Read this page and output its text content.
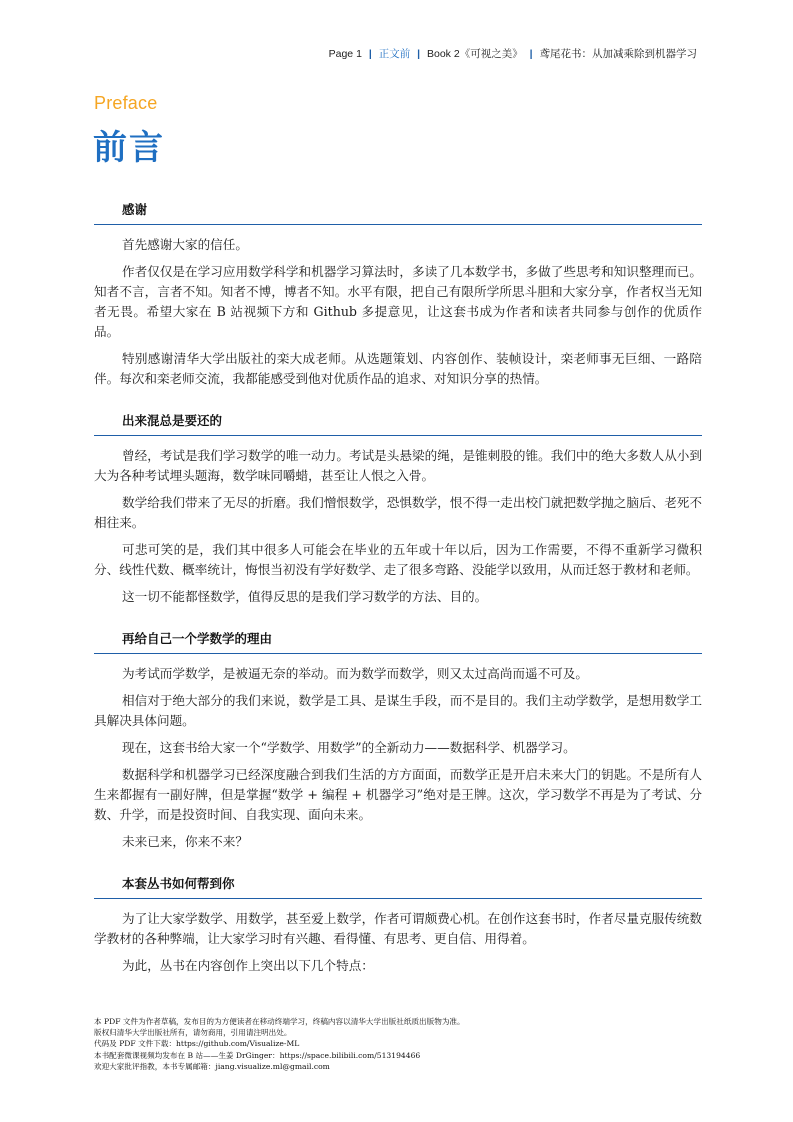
Page 1 | 正文前 | Book 2《可视之美》 | 鸢尾花书：从加减乘除到机器学习
Preface
前言
感谢

首先感谢大家的信任。

作者仅仅是在学习应用数学科学和机器学习算法时，多读了几本数学书，多做了些思考和知识整理而已。知者不言，言者不知。知者不博，博者不知。水平有限，把自己有限所学所思斗胆和大家分享，作者权当无知者无畏。希望大家在 B 站视频下方和 Github 多提意见，让这套书成为作者和读者共同参与创作的优质作品。

特别感谢清华大学出版社的栾大成老师。从选题策划、内容创作、装帧设计，栾老师事无巨细、一路陪伴。每次和栾老师交流，我都能感受到他对优质作品的追求、对知识分享的热情。

出来混总是要还的

曾经，考试是我们学习数学的唯一动力。考试是头悬梁的绳，是锥刺股的锥。我们中的绝大多数人从小到大为各种考试埋头题海，数学味同嚼蜡，甚至让人恨之入骨。

数学给我们带来了无尽的折磨。我们憎恨数学，恐惧数学，恨不得一走出校门就把数学抛之脑后、老死不相往来。

可悲可笑的是，我们其中很多人可能会在毕业的五年或十年以后，因为工作需要，不得不重新学习微积分、线性代数、概率统计，悔恨当初没有学好数学、走了很多弯路、没能学以致用，从而迁怒于教材和老师。

这一切不能都怪数学，值得反思的是我们学习数学的方法、目的。

再给自己一个学数学的理由

为考试而学数学，是被逼无奈的举动。而为数学而数学，则又太过高尚而遥不可及。

相信对于绝大部分的我们来说，数学是工具、是谋生手段，而不是目的。我们主动学数学，是想用数学工具解决具体问题。

现在，这套书给大家一个“学数学、用数学”的全新动力——数据科学、机器学习。

数据科学和机器学习已经深度融合到我们生活的方方面面，而数学正是开启未来大门的钥匙。不是所有人生来都握有一副好牌，但是掌握“数学 + 编程 + 机器学习”绝对是王牌。这次，学习数学不再是为了考试、分数、升学，而是投资时间、自我实现、面向未来。

未来已来，你来不来？

本套丛书如何帮到你

为了让大家学数学、用数学，甚至爱上数学，作者可谓颇费心机。在创作这套书时，作者尽量克服传统数学教材的各种弊端，让大家学习时有兴趣、看得懂、有思考、更自信、用得着。

为此，丛书在内容创作上突出以下几个特点：

本 PDF 文件为作者草稿，发布目的为方便读者在移动终端学习，终稿内容以清华大学出版社纸质出版物为准。
版权归清华大学出版社所有，请勿商用，引用请注明出处。
代码及 PDF 文件下载：https://github.com/Visualize-ML
本书配套微课视频均发布在 B 站——生姜 DrGinger：https://space.bilibili.com/513194466
欢迎大家批评指教，本书专属邮箱：jiang.visualize.ml@gmail.com
